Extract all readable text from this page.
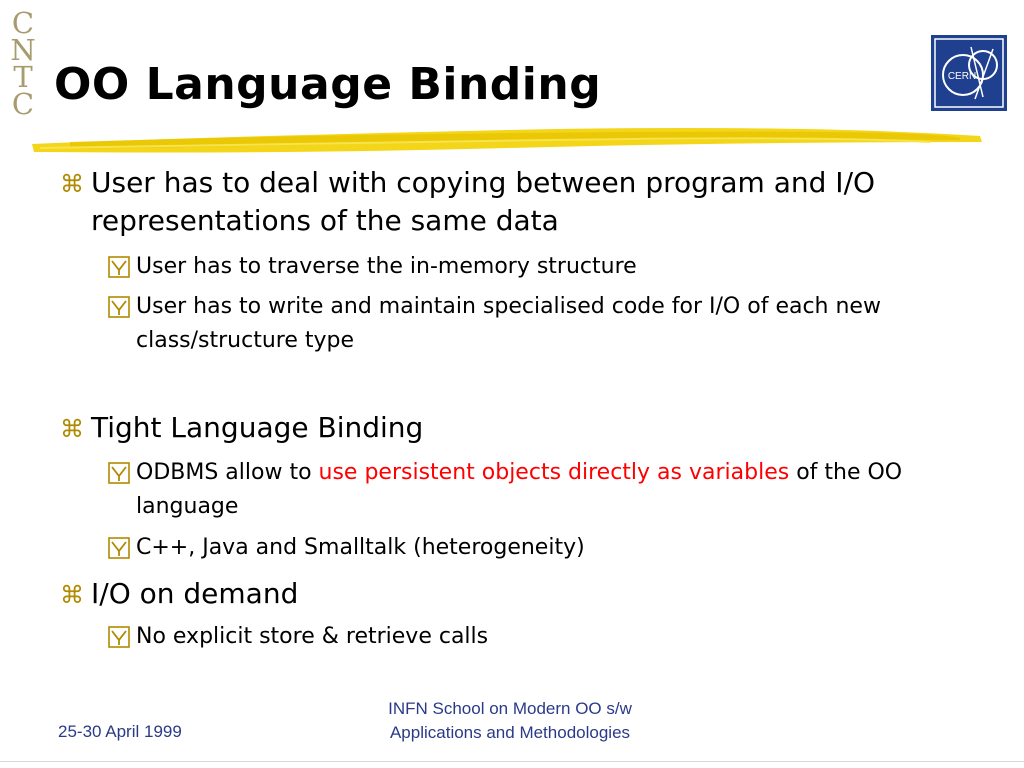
C
N
T
C OO Language Binding	CERN
⌘ User has to deal with copying between program and I/O representations of the same data
User has to traverse the in-memory structure
User has to write and maintain specialised code for I/O of each new class/structure type
⌘ Tight Language Binding
ODBMS allow to use persistent objects directly as variables of the OO language
C++, Java and Smalltalk (heterogeneity)
⌘ I/O on demand
No explicit store & retrieve calls
25-30 April 1999
INFN School on Modern OO s/w
Applications and Methodologies
